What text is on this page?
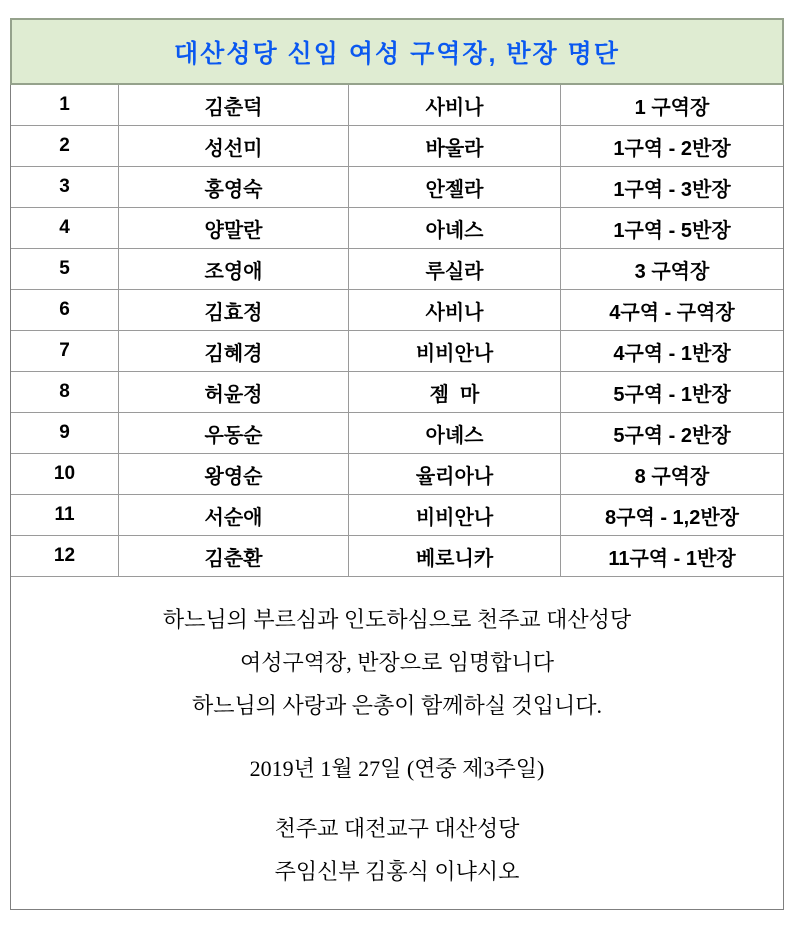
대산성당 신임 여성 구역장, 반장 명단
1	김춘덕	사비나	1 구역장
2	성선미	바울라	1구역 - 2반장
3	홍영숙	안젤라	1구역 - 3반장
4	양말란	아녜스	1구역 - 5반장
5	조영애	루실라	3 구역장
6	김효정	사비나	4구역 - 구역장
7	김혜경	비비안나	4구역 - 1반장
8	허윤정	젬  마	5구역 - 1반장
9	우동순	아녜스	5구역 - 2반장
10	왕영순	율리아나	8 구역장
11	서순애	비비안나	8구역 - 1,2반장
12	김춘환	베로니카	11구역 - 1반장

하느님의 부르심과 인도하심으로 천주교 대산성당

여성구역장, 반장으로 임명합니다

하느님의 사랑과 은총이 함께하실 것입니다.

2019년 1월 27일 (연중 제3주일)

천주교 대전교구 대산성당

주임신부 김홍식 이냐시오
